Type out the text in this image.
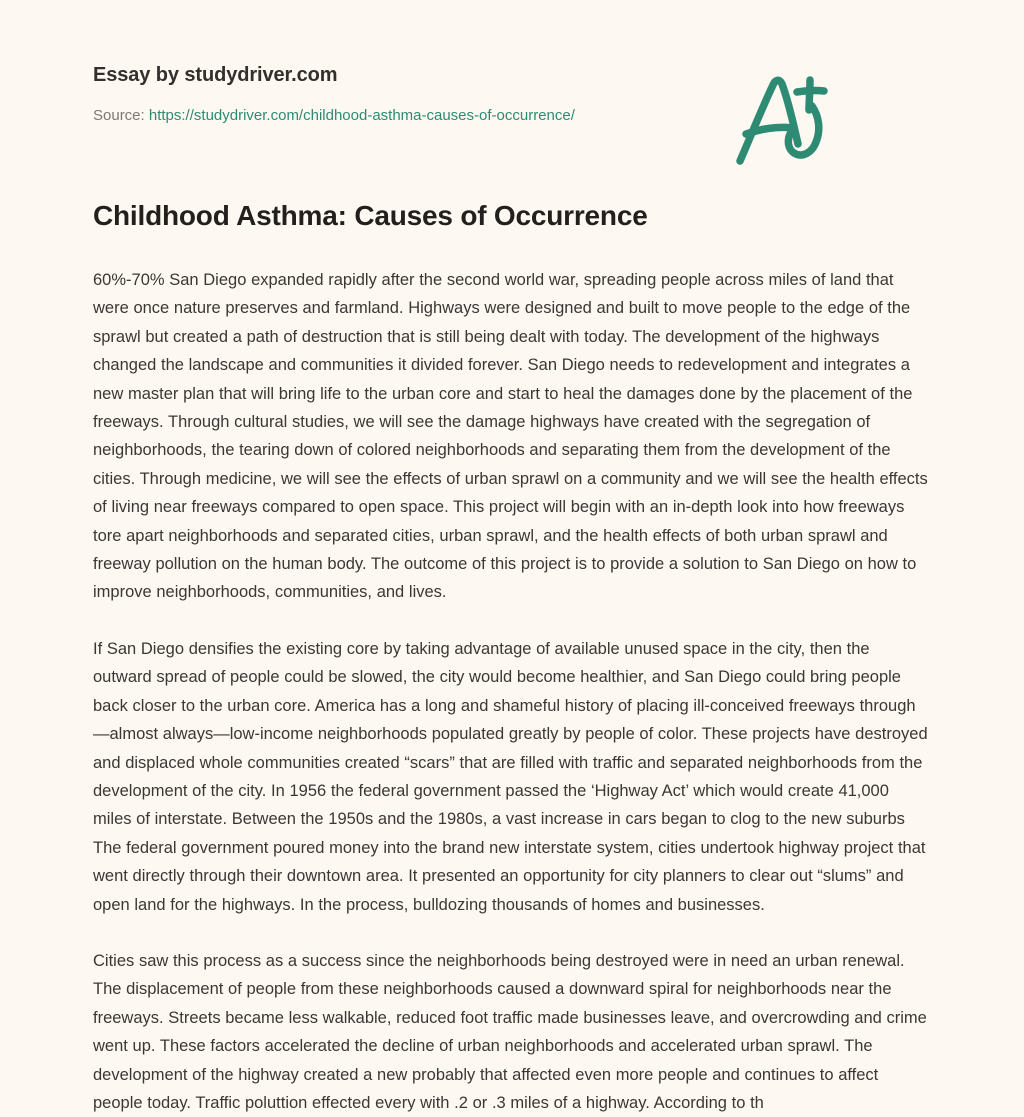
Essay by studydriver.com
Source: https://studydriver.com/childhood-asthma-causes-of-occurrence/
Childhood Asthma: Causes of Occurrence

60%-70% San Diego expanded rapidly after the second world war, spreading people across miles of land that were once nature preserves and farmland. Highways were designed and built to move people to the edge of the sprawl but created a path of destruction that is still being dealt with today. The development of the highways changed the landscape and communities it divided forever. San Diego needs to redevelopment and integrates a new master plan that will bring life to the urban core and start to heal the damages done by the placement of the freeways. Through cultural studies, we will see the damage highways have created with the segregation of neighborhoods, the tearing down of colored neighborhoods and separating them from the development of the cities. Through medicine, we will see the effects of urban sprawl on a community and we will see the health effects of living near freeways compared to open space. This project will begin with an in-depth look into how freeways tore apart neighborhoods and separated cities, urban sprawl, and the health effects of both urban sprawl and freeway pollution on the human body. The outcome of this project is to provide a solution to San Diego on how to improve neighborhoods, communities, and lives.

If San Diego densifies the existing core by taking advantage of available unused space in the city, then the outward spread of people could be slowed, the city would become healthier, and San Diego could bring people back closer to the urban core. America has a long and shameful history of placing ill-conceived freeways through—almost always—low-income neighborhoods populated greatly by people of color. These projects have destroyed and displaced whole communities created “scars” that are filled with traffic and separated neighborhoods from the development of the city. In 1956 the federal government passed the ‘Highway Act’ which would create 41,000 miles of interstate. Between the 1950s and the 1980s, a vast increase in cars began to clog to the new suburbs The federal government poured money into the brand new interstate system, cities undertook highway project that went directly through their downtown area. It presented an opportunity for city planners to clear out “slums” and open land for the highways. In the process, bulldozing thousands of homes and businesses.

Cities saw this process as a success since the neighborhoods being destroyed were in need an urban renewal. The displacement of people from these neighborhoods caused a downward spiral for neighborhoods near the freeways. Streets became less walkable, reduced foot traffic made businesses leave, and overcrowding and crime went up. These factors accelerated the decline of urban neighborhoods and accelerated urban sprawl. The development of the highway created a new probably that affected even more people and continues to affect people today. Traffic poluttion effected every with .2 or .3 miles of a highway. According to th
